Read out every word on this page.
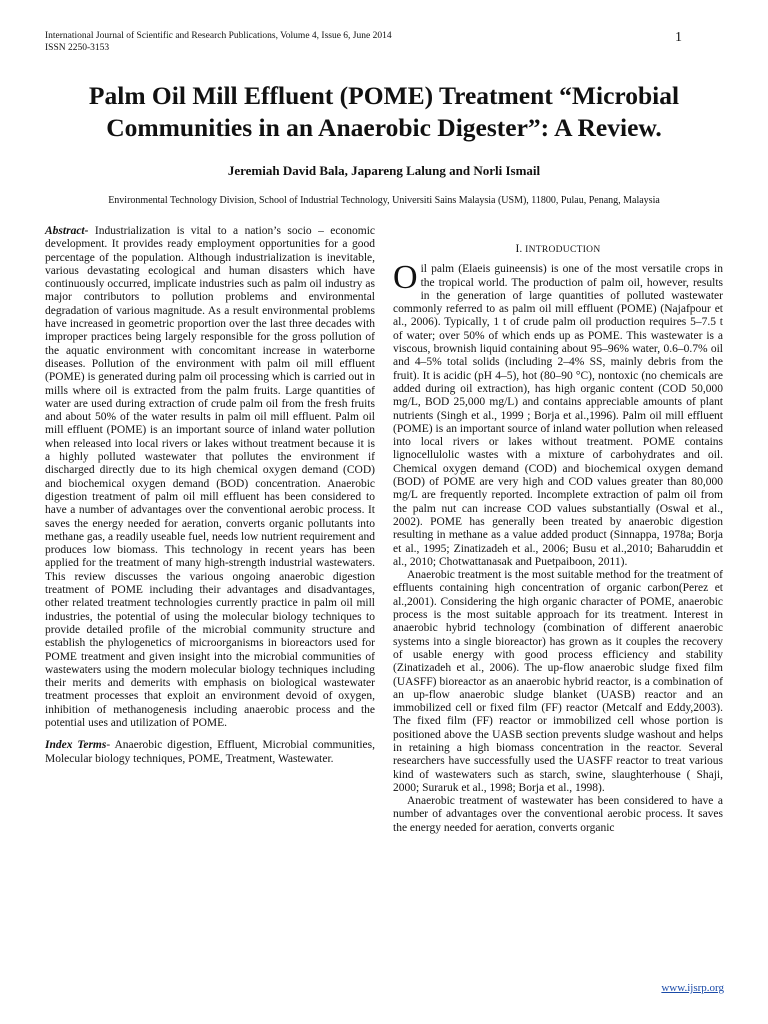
International Journal of Scientific and Research Publications, Volume 4, Issue 6, June 2014
ISSN 2250-3153
1
Palm Oil Mill Effluent (POME) Treatment “Microbial Communities in an Anaerobic Digester”: A Review.
Jeremiah David Bala, Japareng Lalung and Norli Ismail
Environmental Technology Division, School of Industrial Technology, Universiti Sains Malaysia (USM), 11800, Pulau, Penang, Malaysia

Abstract- Industrialization is vital to a nation’s socio – economic development. It provides ready employment opportunities for a good percentage of the population. Although industrialization is inevitable, various devastating ecological and human disasters which have continuously occurred, implicate industries such as palm oil industry as major contributors to pollution problems and environmental degradation of various magnitude. As a result environmental problems have increased in geometric proportion over the last three decades with improper practices being largely responsible for the gross pollution of the aquatic environment with concomitant increase in waterborne diseases. Pollution of the environment with palm oil mill effluent (POME) is generated during palm oil processing which is carried out in mills where oil is extracted from the palm fruits. Large quantities of water are used during extraction of crude palm oil from the fresh fruits and about 50% of the water results in palm oil mill effluent. Palm oil mill effluent (POME) is an important source of inland water pollution when released into local rivers or lakes without treatment because it is a highly polluted wastewater that pollutes the environment if discharged directly due to its high chemical oxygen demand (COD) and biochemical oxygen demand (BOD) concentration. Anaerobic digestion treatment of palm oil mill effluent has been considered to have a number of advantages over the conventional aerobic process. It saves the energy needed for aeration, converts organic pollutants into methane gas, a readily useable fuel, needs low nutrient requirement and produces low biomass. This technology in recent years has been applied for the treatment of many high-strength industrial wastewaters. This review discusses the various ongoing anaerobic digestion treatment of POME including their advantages and disadvantages, other related treatment technologies currently practice in palm oil mill industries, the potential of using the molecular biology techniques to provide detailed profile of the microbial community structure and establish the phylogenetics of microorganisms in bioreactors used for POME treatment and given insight into the microbial communities of wastewaters using the modern molecular biology techniques including their merits and demerits with emphasis on biological wastewater treatment processes that exploit an environment devoid of oxygen, inhibition of methanogenesis including anaerobic process and the potential uses and utilization of POME.

Index Terms- Anaerobic digestion, Effluent, Microbial communities, Molecular biology techniques, POME, Treatment, Wastewater.

I. INTRODUCTION

Oil palm (Elaeis guineensis) is one of the most versatile crops in the tropical world. The production of palm oil, however, results in the generation of large quantities of polluted wastewater commonly referred to as palm oil mill effluent (POME) (Najafpour et al., 2006). Typically, 1 t of crude palm oil production requires 5–7.5 t of water; over 50% of which ends up as POME. This wastewater is a viscous, brownish liquid containing about 95–96% water, 0.6–0.7% oil and 4–5% total solids (including 2–4% SS, mainly debris from the fruit). It is acidic (pH 4–5), hot (80–90 °C), nontoxic (no chemicals are added during oil extraction), has high organic content (COD 50,000 mg/L, BOD 25,000 mg/L) and contains appreciable amounts of plant nutrients (Singh et al., 1999 ; Borja et al.,1996). Palm oil mill effluent (POME) is an important source of inland water pollution when released into local rivers or lakes without treatment. POME contains lignocellulolic wastes with a mixture of carbohydrates and oil. Chemical oxygen demand (COD) and biochemical oxygen demand (BOD) of POME are very high and COD values greater than 80,000 mg/L are frequently reported. Incomplete extraction of palm oil from the palm nut can increase COD values substantially (Oswal et al., 2002). POME has generally been treated by anaerobic digestion resulting in methane as a value added product (Sinnappa, 1978a; Borja et al., 1995; Zinatizadeh et al., 2006; Busu et al.,2010; Baharuddin et al., 2010; Chotwattanasak and Puetpaiboon, 2011).

Anaerobic treatment is the most suitable method for the treatment of effluents containing high concentration of organic carbon(Perez et al.,2001). Considering the high organic character of POME, anaerobic process is the most suitable approach for its treatment. Interest in anaerobic hybrid technology (combination of different anaerobic systems into a single bioreactor) has grown as it couples the recovery of usable energy with good process efficiency and stability (Zinatizadeh et al., 2006). The up-flow anaerobic sludge fixed film (UASFF) bioreactor as an anaerobic hybrid reactor, is a combination of an up-flow anaerobic sludge blanket (UASB) reactor and an immobilized cell or fixed film (FF) reactor (Metcalf and Eddy,2003). The fixed film (FF) reactor or immobilized cell whose portion is positioned above the UASB section prevents sludge washout and helps in retaining a high biomass concentration in the reactor. Several researchers have successfully used the UASFF reactor to treat various kind of wastewaters such as starch, swine, slaughterhouse ( Shaji, 2000; Suraruk et al., 1998; Borja et al., 1998).

Anaerobic treatment of wastewater has been considered to have a number of advantages over the conventional aerobic process. It saves the energy needed for aeration, converts organic

www.ijsrp.org
